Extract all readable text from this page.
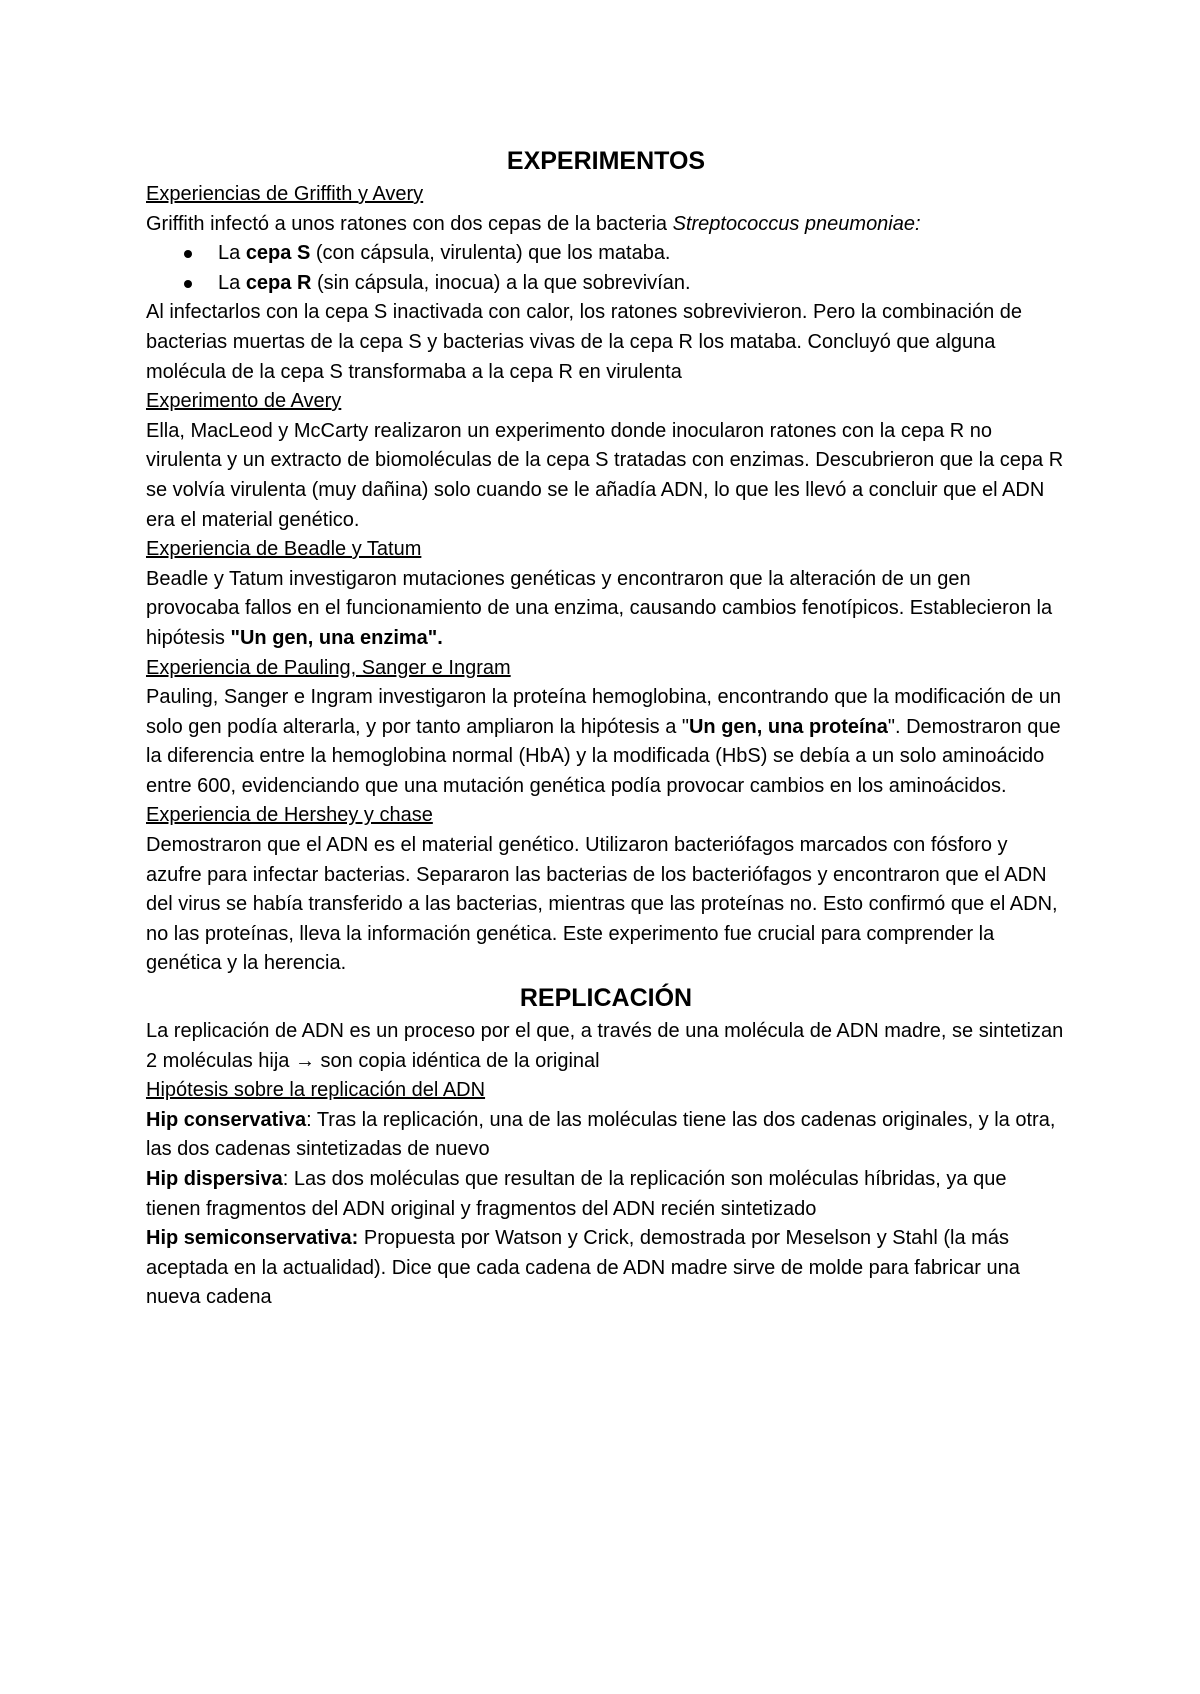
EXPERIMENTOS

Experiencias de Griffith y Avery

Griffith infectó a unos ratones con dos cepas de la bacteria Streptococcus pneumoniae:

La cepa S (con cápsula, virulenta) que los mataba.
La cepa R (sin cápsula, inocua) a la que sobrevivían.

Al infectarlos con la cepa S inactivada con calor, los ratones sobrevivieron. Pero la combinación de bacterias muertas de la cepa S y bacterias vivas de la cepa R los mataba. Concluyó que alguna molécula de la cepa S transformaba a la cepa R en virulenta

Experimento de Avery

Ella, MacLeod y McCarty realizaron un experimento donde inocularon ratones con la cepa R no virulenta y un extracto de biomoléculas de la cepa S tratadas con enzimas. Descubrieron que la cepa R se volvía virulenta (muy dañina) solo cuando se le añadía ADN, lo que les llevó a concluir que el ADN era el material genético.

Experiencia de Beadle y Tatum

Beadle y Tatum investigaron mutaciones genéticas y encontraron que la alteración de un gen provocaba fallos en el funcionamiento de una enzima, causando cambios fenotípicos. Establecieron la hipótesis "Un gen, una enzima".

Experiencia de Pauling, Sanger e Ingram

Pauling, Sanger e Ingram investigaron la proteína hemoglobina, encontrando que la modificación de un solo gen podía alterarla, y por tanto ampliaron la hipótesis a "Un gen, una proteína". Demostraron que la diferencia entre la hemoglobina normal (HbA) y la modificada (HbS) se debía a un solo aminoácido entre 600, evidenciando que una mutación genética podía provocar cambios en los aminoácidos.

Experiencia de Hershey y chase

Demostraron que el ADN es el material genético. Utilizaron bacteriófagos marcados con fósforo y azufre para infectar bacterias. Separaron las bacterias de los bacteriófagos y encontraron que el ADN del virus se había transferido a las bacterias, mientras que las proteínas no. Esto confirmó que el ADN, no las proteínas, lleva la información genética. Este experimento fue crucial para comprender la genética y la herencia.

REPLICACIÓN

La replicación de ADN es un proceso por el que, a través de una molécula de ADN madre, se sintetizan 2 moléculas hija → son copia idéntica de la original

Hipótesis sobre la replicación del ADN

Hip conservativa: Tras la replicación, una de las moléculas tiene las dos cadenas originales, y la otra, las dos cadenas sintetizadas de nuevo

Hip dispersiva: Las dos moléculas que resultan de la replicación son moléculas híbridas, ya que tienen fragmentos del ADN original y fragmentos del ADN recién sintetizado

Hip semiconservativa: Propuesta por Watson y Crick, demostrada por Meselson y Stahl (la más aceptada en la actualidad). Dice que cada cadena de ADN madre sirve de molde para fabricar una nueva cadena
